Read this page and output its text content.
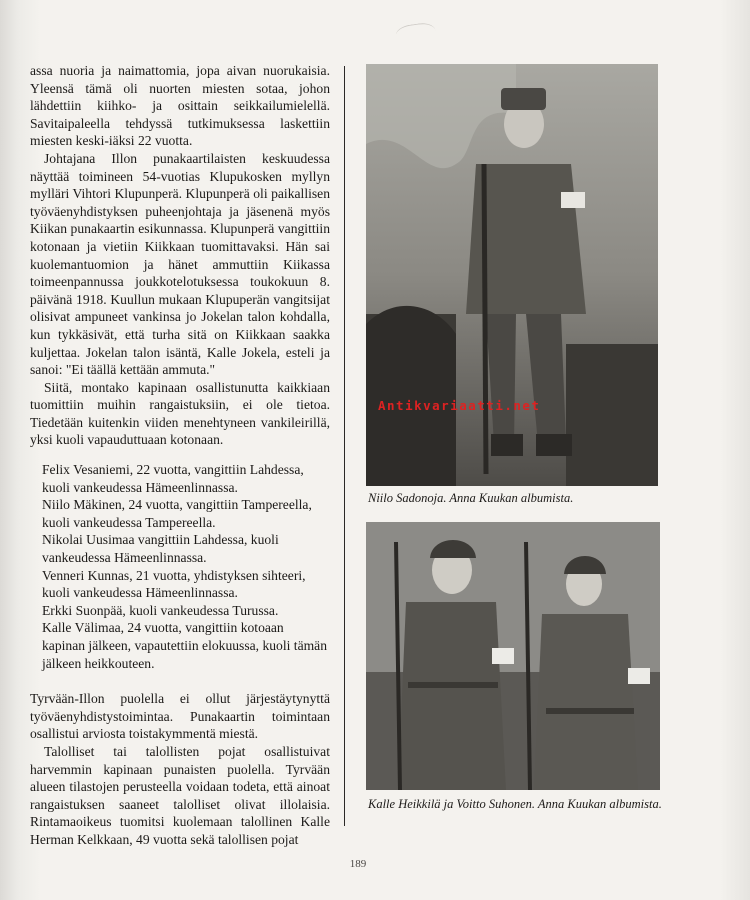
assa nuoria ja naimattomia, jopa aivan nuorukaisia. Yleensä tämä oli nuorten miesten sotaa, johon lähdettiin kiihko- ja osittain seikkailumielellä. Savitaipaleella tehdyssä tutkimuksessa laskettiin miesten keski-iäksi 22 vuotta.

Johtajana Illon punakaartilaisten keskuudessa näyttää toimineen 54-vuotias Klupukosken myllyn mylläri Vihtori Klupunperä. Klupunperä oli paikallisen työväenyhdistyksen puheenjohtaja ja jäsenenä myös Kiikan punakaartin esikunnassa. Klupunperä vangittiin kotonaan ja vietiin Kiikkaan tuomittavaksi. Hän sai kuolemantuomion ja hänet ammuttiin Kiikassa toimeenpannussa joukkotelotuksessa toukokuun 8. päivänä 1918. Kuullun mukaan Klupuperän vangitsijat olisivat ampuneet vankinsa jo Jokelan talon kohdalla, kun tykkäsivät, että turha sitä on Kiikkaan saakka kuljettaa. Jokelan talon isäntä, Kalle Jokela, esteli ja sanoi: "Ei täällä kettään ammuta."

Siitä, montako kapinaan osallistunutta kaikkiaan tuomittiin muihin rangaistuksiin, ei ole tietoa. Tiedetään kuitenkin viiden menehtyneen vankileirillä, yksi kuoli vapauduttuaan kotonaan.

Felix Vesaniemi, 22 vuotta, vangittiin Lahdessa, kuoli vankeudessa Hämeenlinnassa.
Niilo Mäkinen, 24 vuotta, vangittiin Tampereella, kuoli vankeudessa Tampereella.
Nikolai Uusimaa vangittiin Lahdessa, kuoli vankeudessa Hämeenlinnassa.
Venneri Kunnas, 21 vuotta, yhdistyksen sihteeri, kuoli vankeudessa Hämeenlinnassa.
Erkki Suonpää, kuoli vankeudessa Turussa.
Kalle Välimaa, 24 vuotta, vangittiin kotoaan kapinan jälkeen, vapautettiin elokuussa, kuoli tämän jälkeen heikkouteen.

Tyrvään-Illon puolella ei ollut järjestäytynyttä työväenyhdistystoimintaa. Punakaartin toimintaan osallistui arviosta toistakymmentä miestä.

Talolliset tai talollisten pojat osallistuivat harvemmin kapinaan punaisten puolella. Tyrvään alueen tilastojen perusteella voidaan todeta, että ainoat rangaistuksen saaneet talolliset olivat illolaisia. Rintamaoikeus tuomitsi kuolemaan talollinen Kalle Herman Kelkkaan, 49 vuotta sekä talollisen pojat

Niilo Sadonoja. Anna Kuukan albumista.
Antikvariaatti.net
Kalle Heikkilä ja Voitto Suhonen. Anna Kuukan albumista.
189
